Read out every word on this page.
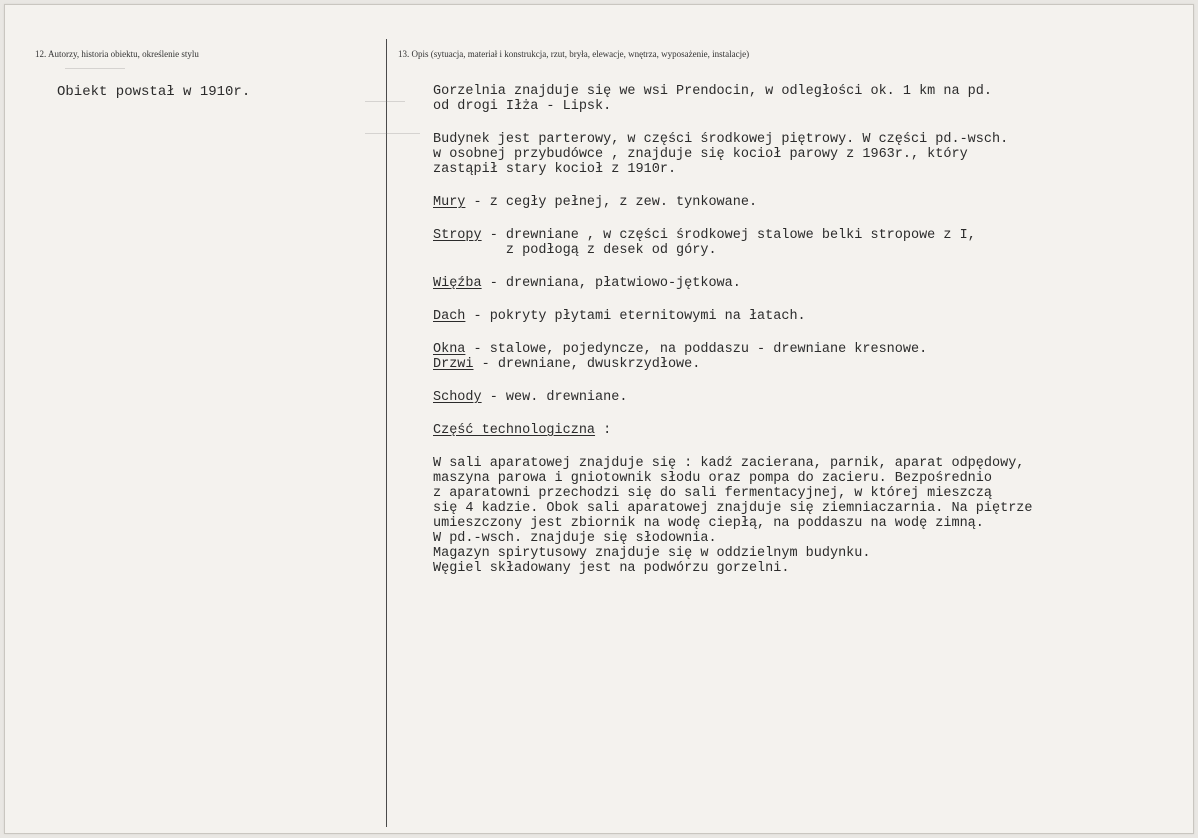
12. Autorzy, historia obiektu, określenie stylu	13. Opis (sytuacja, materiał i konstrukcja, rzut, bryła, elewacje, wnętrza, wyposażenie, instalacje)
Obiekt powstał w 1910r.	Gorzelnia znajduje się we wsi Prendocin, w odległości ok. 1 km na pd.

od drogi Iłża - Lipsk.

Budynek jest parterowy, w części środkowej piętrowy. W części pd.-wsch.

w osobnej przybudówce , znajduje się kocioł parowy z 1963r., który

zastąpił stary kocioł z 1910r.

Mury - z cegły pełnej, z zew. tynkowane.

Stropy - drewniane , w części środkowej stalowe belki stropowe z I,

z podłogą z desek od góry.

Więźba - drewniana, płatwiowo-jętkowa.

Dach - pokryty płytami eternitowymi na łatach.

Okna - stalowe, pojedyncze, na poddaszu - drewniane kresnowe.

Drzwi - drewniane, dwuskrzydłowe.

Schody - wew. drewniane.

Część technologiczna :

W sali aparatowej znajduje się : kadź zacierana, parnik, aparat odpędowy,

maszyna parowa i gniotownik słodu oraz pompa do zacieru. Bezpośrednio

z aparatowni przechodzi się do sali fermentacyjnej, w której mieszczą

się 4 kadzie. Obok sali aparatowej znajduje się ziemniaczarnia. Na piętrze

umieszczony jest zbiornik na wodę ciepłą, na poddaszu na wodę zimną.

W pd.-wsch. znajduje się słodownia.

Magazyn spirytusowy znajduje się w oddzielnym budynku.

Węgiel składowany jest na podwórzu gorzelni.
